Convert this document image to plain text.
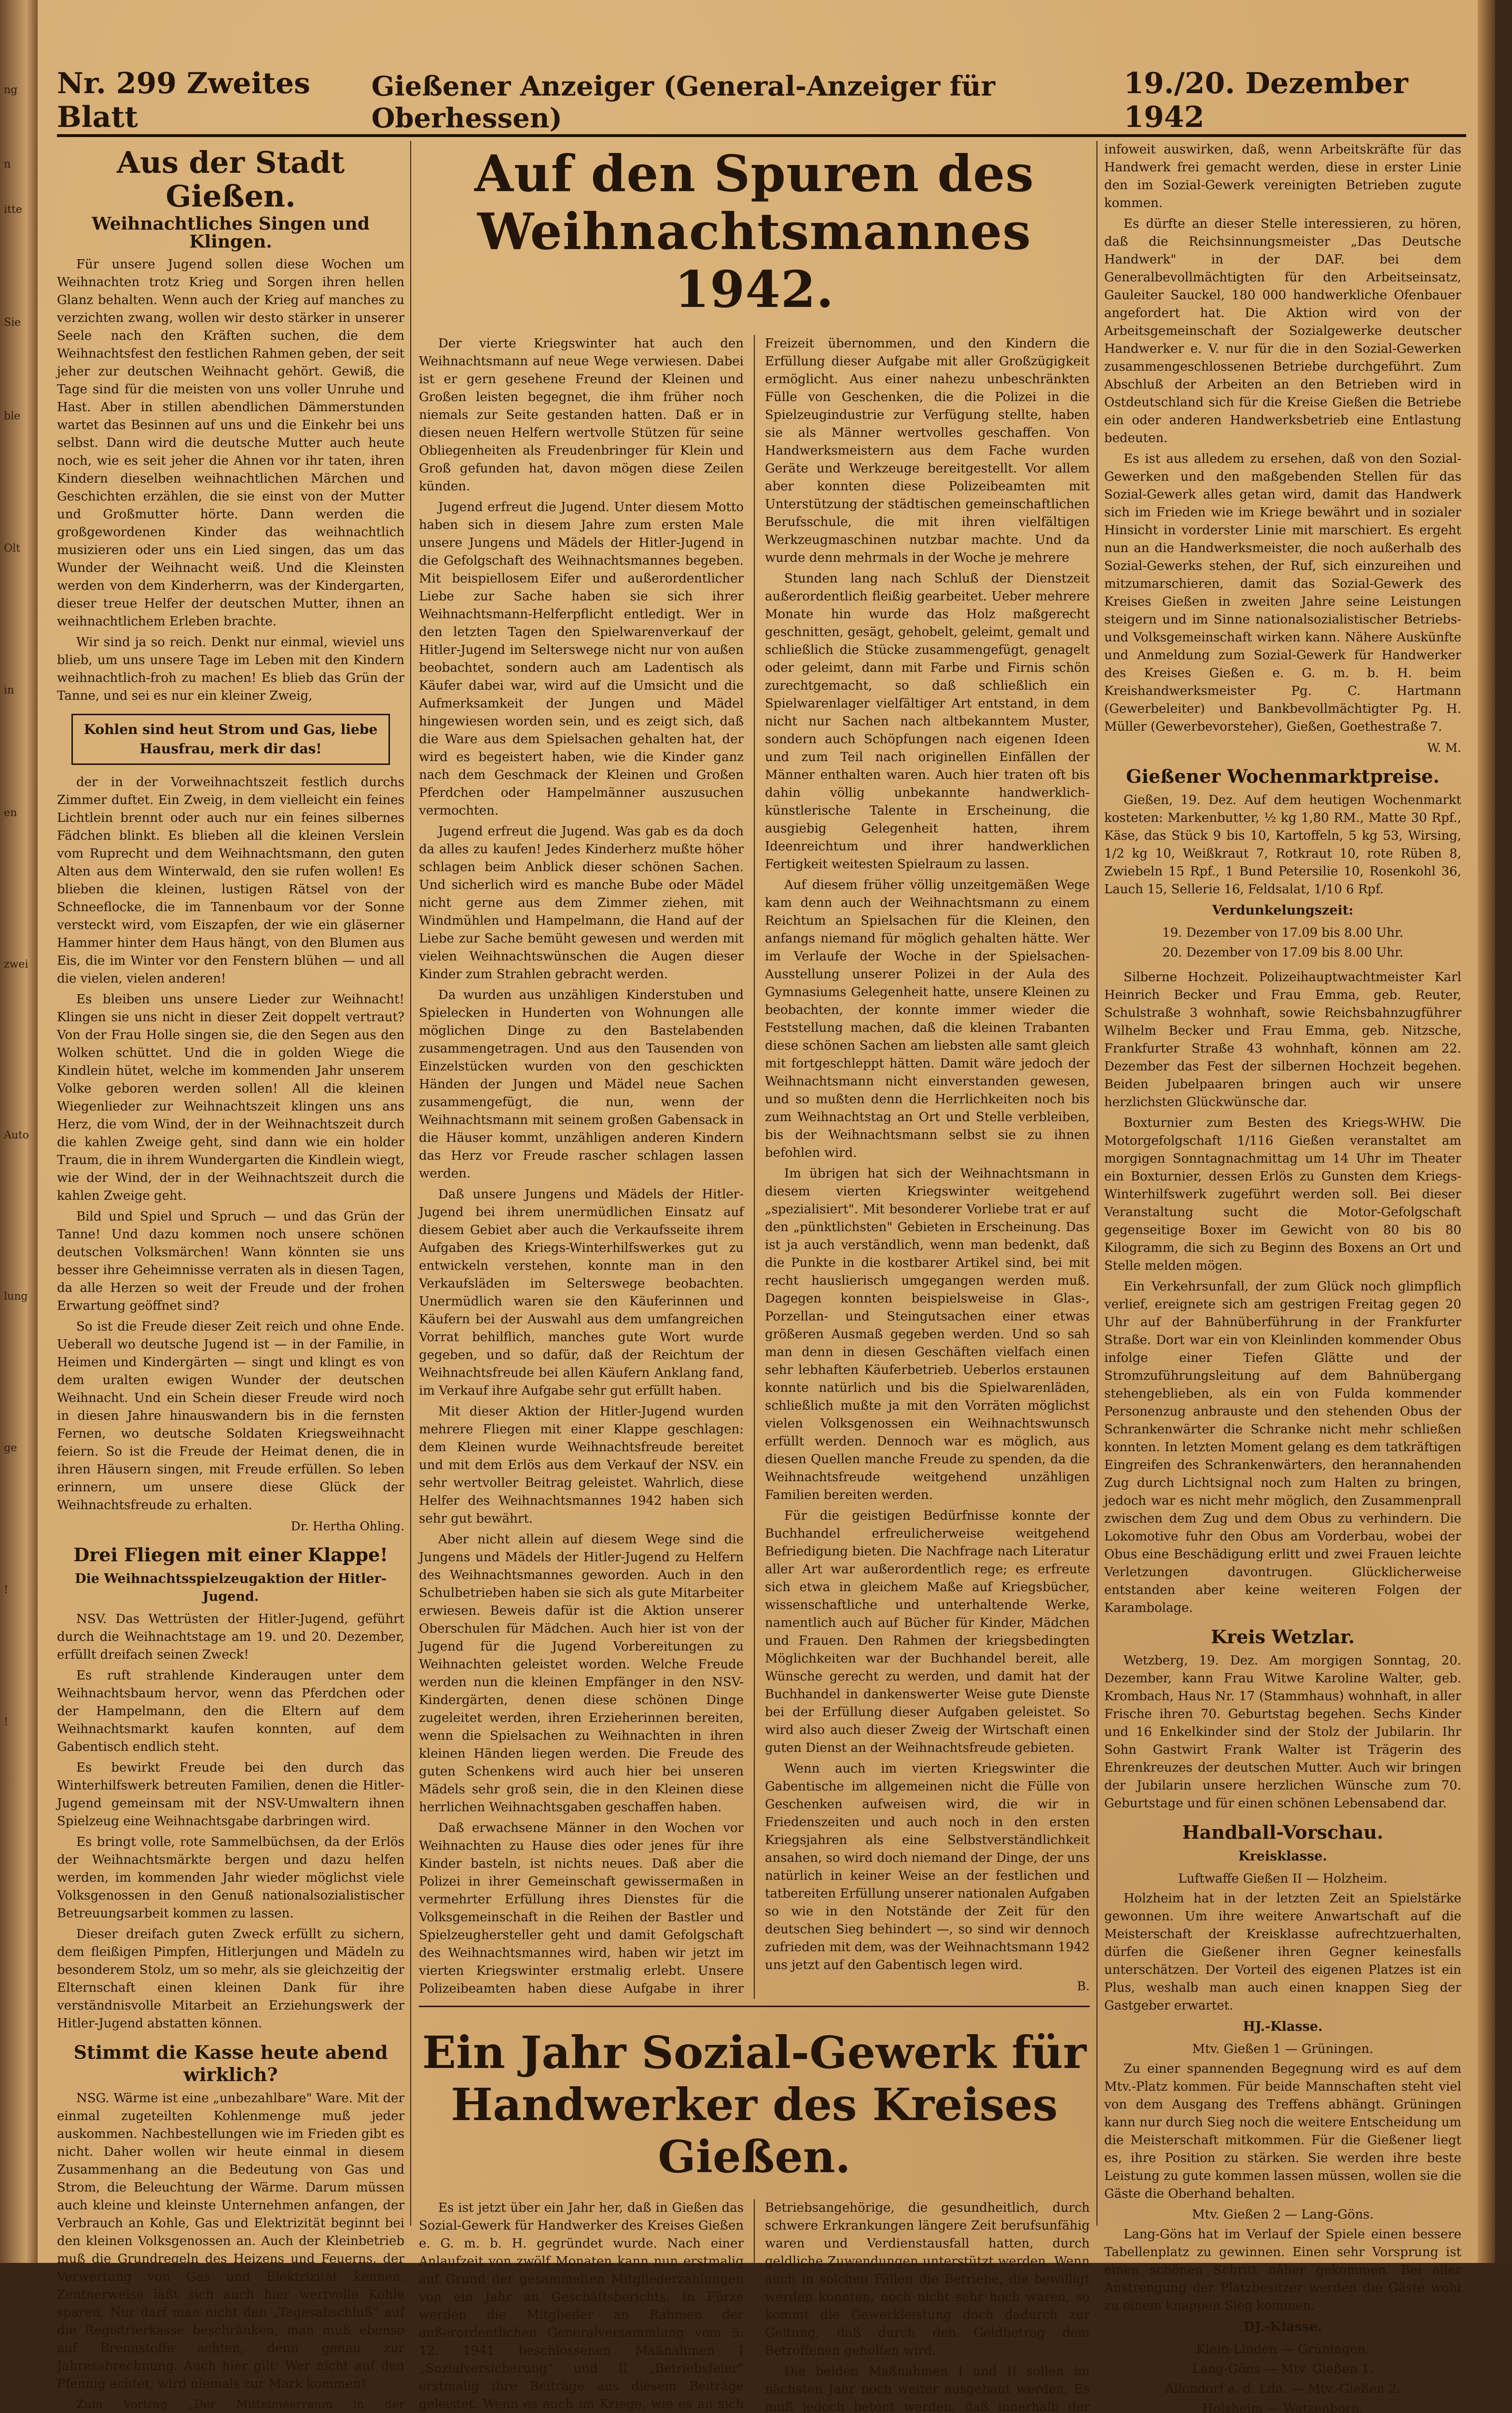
ng
n
itte
Sie
ble
Olt
in
en
zwei
Auto
lung
ge
!
!
Nr. 299 Zweites Blatt
Gießener Anzeiger (General-Anzeiger für Oberhessen)
19./20. Dezember 1942
Aus der Stadt Gießen.
Weihnachtliches Singen und Klingen.

Für unsere Jugend sollen diese Wochen um Weihnachten trotz Krieg und Sorgen ihren hellen Glanz behalten. Wenn auch der Krieg auf manches zu verzichten zwang, wollen wir desto stärker in unserer Seele nach den Kräften suchen, die dem Weihnachtsfest den festlichen Rahmen geben, der seit jeher zur deutschen Weihnacht gehört. Gewiß, die Tage sind für die meisten von uns voller Unruhe und Hast. Aber in stillen abendlichen Dämmerstunden wartet das Besinnen auf uns und die Einkehr bei uns selbst. Dann wird die deutsche Mutter auch heute noch, wie es seit jeher die Ahnen vor ihr taten, ihren Kindern dieselben weihnachtlichen Märchen und Geschichten erzählen, die sie einst von der Mutter und Großmutter hörte. Dann werden die großgewordenen Kinder das weihnachtlich musizieren oder uns ein Lied singen, das um das Wunder der Weihnacht weiß. Und die Kleinsten werden von dem Kinderherrn, was der Kindergarten, dieser treue Helfer der deutschen Mutter, ihnen an weihnachtlichem Erleben brachte.

Wir sind ja so reich. Denkt nur einmal, wieviel uns blieb, um uns unsere Tage im Leben mit den Kindern weihnachtlich-froh zu machen! Es blieb das Grün der Tanne, und sei es nur ein kleiner Zweig,

Kohlen sind heut Strom und Gas, liebe Hausfrau, merk dir das!

der in der Vorweihnachtszeit festlich durchs Zimmer duftet. Ein Zweig, in dem vielleicht ein feines Lichtlein brennt oder auch nur ein feines silbernes Fädchen blinkt. Es blieben all die kleinen Verslein vom Ruprecht und dem Weihnachtsmann, den guten Alten aus dem Winterwald, den sie rufen wollen! Es blieben die kleinen, lustigen Rätsel von der Schneeflocke, die im Tannenbaum vor der Sonne versteckt wird, vom Eiszapfen, der wie ein gläserner Hammer hinter dem Haus hängt, von den Blumen aus Eis, die im Winter vor den Fenstern blühen — und all die vielen, vielen anderen!

Es bleiben uns unsere Lieder zur Weihnacht! Klingen sie uns nicht in dieser Zeit doppelt vertraut? Von der Frau Holle singen sie, die den Segen aus den Wolken schüttet. Und die in golden Wiege die Kindlein hütet, welche im kommenden Jahr unserem Volke geboren werden sollen! All die kleinen Wiegenlieder zur Weihnachtszeit klingen uns ans Herz, die vom Wind, der in der Weihnachtszeit durch die kahlen Zweige geht, sind dann wie ein holder Traum, die in ihrem Wundergarten die Kindlein wiegt, wie der Wind, der in der Weihnachtszeit durch die kahlen Zweige geht.

Bild und Spiel und Spruch — und das Grün der Tanne! Und dazu kommen noch unsere schönen deutschen Volksmärchen! Wann könnten sie uns besser ihre Geheimnisse verraten als in diesen Tagen, da alle Herzen so weit der Freude und der frohen Erwartung geöffnet sind?

So ist die Freude dieser Zeit reich und ohne Ende. Ueberall wo deutsche Jugend ist — in der Familie, in Heimen und Kindergärten — singt und klingt es von dem uralten ewigen Wunder der deutschen Weihnacht. Und ein Schein dieser Freude wird noch in diesen Jahre hinauswandern bis in die fernsten Fernen, wo deutsche Soldaten Kriegsweihnacht feiern. So ist die Freude der Heimat denen, die in ihren Häusern singen, mit Freude erfüllen. So leben erinnern, um unsere diese Glück der Weihnachtsfreude zu erhalten.

Dr. Hertha Ohling.
Drei Fliegen mit einer Klappe!
Die Weihnachtsspielzeugaktion der Hitler-Jugend.

NSV. Das Wettrüsten der Hitler-Jugend, geführt durch die Weihnachtstage am 19. und 20. Dezember, erfüllt dreifach seinen Zweck!

Es ruft strahlende Kinderaugen unter dem Weihnachtsbaum hervor, wenn das Pferdchen oder der Hampelmann, den die Eltern auf dem Weihnachtsmarkt kaufen konnten, auf dem Gabentisch endlich steht.

Es bewirkt Freude bei den durch das Winterhilfswerk betreuten Familien, denen die Hitler-Jugend gemeinsam mit der NSV-Umwaltern ihnen Spielzeug eine Weihnachtsgabe darbringen wird.

Es bringt volle, rote Sammelbüchsen, da der Erlös der Weihnachtsmärkte bergen und dazu helfen werden, im kommenden Jahr wieder möglichst viele Volksgenossen in den Genuß nationalsozialistischer Betreuungsarbeit kommen zu lassen.

Dieser dreifach guten Zweck erfüllt zu sichern, dem fleißigen Pimpfen, Hitlerjungen und Mädeln zu besonderem Stolz, um so mehr, als sie gleichzeitig der Elternschaft einen kleinen Dank für ihre verständnisvolle Mitarbeit an Erziehungswerk der Hitler-Jugend abstatten können.

Stimmt die Kasse heute abend wirklich?

NSG. Wärme ist eine „unbezahlbare" Ware. Mit der einmal zugeteilten Kohlenmenge muß jeder auskommen. Nachbestellungen wie im Frieden gibt es nicht. Daher wollen wir heute einmal in diesem Zusammenhang an die Bedeutung von Gas und Strom, die Beleuchtung der Wärme. Darum müssen auch kleine und kleinste Unternehmen anfangen, der Verbrauch an Kohle, Gas und Elektrizität beginnt bei den kleinen Volksgenossen an. Auch der Kleinbetrieb muß die Grundregeln des Heizens und Feuerns, der Verwertung von Gas und Elektrizität kennen. Zentnerweise läßt sich auch hier wertvolle Kohle sparen. Nur darf man nicht den „Tagesabschluß" auf die Registrierkasse beschränken, man muß ebenso auf Brennstoffe achten, denn genau zur Jahresabrechnung. Auch hier gilt: Wer nicht auf den Pfennig achtet, wird niemals zur Mark kommen!

Zum Vortrag „Der Mittelmeerraum in der

Auf den Spuren des Weihnachtsmannes 1942.

Der vierte Kriegswinter hat auch den Weihnachtsmann auf neue Wege verwiesen. Dabei ist er gern gesehene Freund der Kleinen und Großen leisten begegnet, die ihm früher noch niemals zur Seite gestanden hatten. Daß er in diesen neuen Helfern wertvolle Stützen für seine Obliegenheiten als Freudenbringer für Klein und Groß gefunden hat, davon mögen diese Zeilen künden.

Jugend erfreut die Jugend. Unter diesem Motto haben sich in diesem Jahre zum ersten Male unsere Jungens und Mädels der Hitler-Jugend in die Gefolgschaft des Weihnachtsmannes begeben. Mit beispiellosem Eifer und außerordentlicher Liebe zur Sache haben sie sich ihrer Weihnachtsmann-Helferpflicht entledigt. Wer in den letzten Tagen den Spielwarenverkauf der Hitler-Jugend im Selterswege nicht nur von außen beobachtet, sondern auch am Ladentisch als Käufer dabei war, wird auf die Umsicht und die Aufmerksamkeit der Jungen und Mädel hingewiesen worden sein, und es zeigt sich, daß die Ware aus dem Spielsachen gehalten hat, der wird es begeistert haben, wie die Kinder ganz nach dem Geschmack der Kleinen und Großen Pferdchen oder Hampelmänner auszusuchen vermochten.

Jugend erfreut die Jugend. Was gab es da doch da alles zu kaufen! Jedes Kinderherz mußte höher schlagen beim Anblick dieser schönen Sachen. Und sicherlich wird es manche Bube oder Mädel nicht gerne aus dem Zimmer ziehen, mit Windmühlen und Hampelmann, die Hand auf der Liebe zur Sache bemüht gewesen und werden mit vielen Weihnachtswünschen die Augen dieser Kinder zum Strahlen gebracht werden.

Da wurden aus unzähligen Kinderstuben und Spielecken in Hunderten von Wohnungen alle möglichen Dinge zu den Bastelabenden zusammengetragen. Und aus den Tausenden von Einzelstücken wurden von den geschickten Händen der Jungen und Mädel neue Sachen zusammengefügt, die nun, wenn der Weihnachtsmann mit seinem großen Gabensack in die Häuser kommt, unzähligen anderen Kindern das Herz vor Freude rascher schlagen lassen werden.

Daß unsere Jungens und Mädels der Hitler-Jugend bei ihrem unermüdlichen Einsatz auf diesem Gebiet aber auch die Verkaufsseite ihrem Aufgaben des Kriegs-Winterhilfswerkes gut zu entwickeln verstehen, konnte man in den Verkaufsläden im Selterswege beobachten. Unermüdlich waren sie den Käuferinnen und Käufern bei der Auswahl aus dem umfangreichen Vorrat behilflich, manches gute Wort wurde gegeben, und so dafür, daß der Reichtum der Weihnachtsfreude bei allen Käufern Anklang fand, im Verkauf ihre Aufgabe sehr gut erfüllt haben.

Mit dieser Aktion der Hitler-Jugend wurden mehrere Fliegen mit einer Klappe geschlagen: dem Kleinen wurde Weihnachtsfreude bereitet und mit dem Erlös aus dem Verkauf der NSV. ein sehr wertvoller Beitrag geleistet. Wahrlich, diese Helfer des Weihnachtsmannes 1942 haben sich sehr gut bewährt.

Aber nicht allein auf diesem Wege sind die Jungens und Mädels der Hitler-Jugend zu Helfern des Weihnachtsmannes geworden. Auch in den Schulbetrieben haben sie sich als gute Mitarbeiter erwiesen. Beweis dafür ist die Aktion unserer Oberschulen für Mädchen. Auch hier ist von der Jugend für die Jugend Vorbereitungen zu Weihnachten geleistet worden. Welche Freude werden nun die kleinen Empfänger in den NSV-Kindergärten, denen diese schönen Dinge zugeleitet werden, ihren Erzieherinnen bereiten, wenn die Spielsachen zu Weihnachten in ihren kleinen Händen liegen werden. Die Freude des guten Schenkens wird auch hier bei unseren Mädels sehr groß sein, die in den Kleinen diese herrlichen Weihnachtsgaben geschaffen haben.

Daß erwachsene Männer in den Wochen vor Weihnachten zu Hause dies oder jenes für ihre Kinder basteln, ist nichts neues. Daß aber die Polizei in ihrer Gemeinschaft gewissermaßen in vermehrter Erfüllung ihres Dienstes für die Volksgemeinschaft in die Reihen der Bastler und Spielzeughersteller geht und damit Gefolgschaft des Weihnachtsmannes wird, haben wir jetzt im vierten Kriegswinter erstmalig erlebt. Unsere Polizeibeamten haben diese Aufgabe in ihrer Freizeit übernommen, und den Kindern die Erfüllung dieser Aufgabe mit aller Großzügigkeit ermöglicht. Aus einer nahezu unbeschränkten Fülle von Geschenken, die die Polizei in die Spielzeugindustrie zur Verfügung stellte, haben sie als Männer wertvolles geschaffen. Von Handwerksmeistern aus dem Fache wurden Geräte und Werkzeuge bereitgestellt. Vor allem aber konnten diese Polizeibeamten mit Unterstützung der städtischen gemeinschaftlichen Berufsschule, die mit ihren vielfältigen Werkzeugmaschinen nutzbar machte. Und da wurde denn mehrmals in der Woche je mehrere

Stunden lang nach Schluß der Dienstzeit außerordentlich fleißig gearbeitet. Ueber mehrere Monate hin wurde das Holz maßgerecht geschnitten, gesägt, gehobelt, geleimt, gemalt und schließlich die Stücke zusammengefügt, genagelt oder geleimt, dann mit Farbe und Firnis schön zurechtgemacht, so daß schließlich ein Spielwarenlager vielfältiger Art entstand, in dem nicht nur Sachen nach altbekanntem Muster, sondern auch Schöpfungen nach eigenen Ideen und zum Teil nach originellen Einfällen der Männer enthalten waren. Auch hier traten oft bis dahin völlig unbekannte handwerklich-künstlerische Talente in Erscheinung, die ausgiebig Gelegenheit hatten, ihrem Ideenreichtum und ihrer handwerklichen Fertigkeit weitesten Spielraum zu lassen.

Auf diesem früher völlig unzeitgemäßen Wege kam denn auch der Weihnachtsmann zu einem Reichtum an Spielsachen für die Kleinen, den anfangs niemand für möglich gehalten hätte. Wer im Verlaufe der Woche in der Spielsachen-Ausstellung unserer Polizei in der Aula des Gymnasiums Gelegenheit hatte, unsere Kleinen zu beobachten, der konnte immer wieder die Feststellung machen, daß die kleinen Trabanten diese schönen Sachen am liebsten alle samt gleich mit fortgeschleppt hätten. Damit wäre jedoch der Weihnachtsmann nicht einverstanden gewesen, und so mußten denn die Herrlichkeiten noch bis zum Weihnachtstag an Ort und Stelle verbleiben, bis der Weihnachtsmann selbst sie zu ihnen befohlen wird.

Im übrigen hat sich der Weihnachtsmann in diesem vierten Kriegswinter weitgehend „spezialisiert". Mit besonderer Vorliebe trat er auf den „pünktlichsten" Gebieten in Erscheinung. Das ist ja auch verständlich, wenn man bedenkt, daß die Punkte in die kostbarer Artikel sind, bei mit recht hauslierisch umgegangen werden muß. Dagegen konnten beispielsweise in Glas-, Porzellan- und Steingutsachen einer etwas größeren Ausmaß gegeben werden. Und so sah man denn in diesen Geschäften vielfach einen sehr lebhaften Käuferbetrieb. Ueberlos erstaunen konnte natürlich und bis die Spielwarenläden, schließlich mußte ja mit den Vorräten möglichst vielen Volksgenossen ein Weihnachtswunsch erfüllt werden. Dennoch war es möglich, aus diesen Quellen manche Freude zu spenden, da die Weihnachtsfreude weitgehend unzähligen Familien bereiten werden.

Für die geistigen Bedürfnisse konnte der Buchhandel erfreulicherweise weitgehend Befriedigung bieten. Die Nachfrage nach Literatur aller Art war außerordentlich rege; es erfreute sich etwa in gleichem Maße auf Kriegsbücher, wissenschaftliche und unterhaltende Werke, namentlich auch auf Bücher für Kinder, Mädchen und Frauen. Den Rahmen der kriegsbedingten Möglichkeiten war der Buchhandel bereit, alle Wünsche gerecht zu werden, und damit hat der Buchhandel in dankenswerter Weise gute Dienste bei der Erfüllung dieser Aufgaben geleistet. So wird also auch dieser Zweig der Wirtschaft einen guten Dienst an der Weihnachtsfreude gebieten.

Wenn auch im vierten Kriegswinter die Gabentische im allgemeinen nicht die Fülle von Geschenken aufweisen wird, die wir in Friedenszeiten und auch noch in den ersten Kriegsjahren als eine Selbstverständlichkeit ansahen, so wird doch niemand der Dinge, der uns natürlich in keiner Weise an der festlichen und tatbereiten Erfüllung unserer nationalen Aufgaben so wie in den Notstände der Zeit für den deutschen Sieg behindert —, so sind wir dennoch zufrieden mit dem, was der Weihnachtsmann 1942 uns jetzt auf den Gabentisch legen wird.

B.
Ein Jahr Sozial-Gewerk für Handwerker des Kreises Gießen.

Es ist jetzt über ein Jahr her, daß in Gießen das Sozial-Gewerk für Handwerker des Kreises Gießen e. G. m. b. H. gegründet wurde. Nach einer Anlaufzeit von zwölf Monaten kann nun erstmalig auf Grund der gesammelten Mitgliederzahlungen von ein Jahr an Geschäftsberichts. In Fürze werden die Mitglieder an Rahmen der außerordentlichen Generalversammlung vom 5. 12. 1941 beschlossenen Maßnahmen I „Sozialversicherung" und II „Betriebsfeier" erstmalig ihre Beiträge aus diesem Beiträge geleistet. Wenn es auch im Kriege, wie es an sich

Betriebsangehörige, die gesundheitlich, durch schwere Erkrankungen längere Zeit berufsunfähig waren und Verdienstausfall hatten, durch geldliche Zuwendungen unterstützt werden. Wenn auch in solchen Fällen die Betriebe, die bewilligt werden konnten, noch nicht sehr hoch waren, so kommt die Gewerkleistung doch dadurch zur Geltung, daß durch den Geldbetrag dem Betroffenen geholfen wird.

Die beiden Maßnahmen I und II sollen im nächsten Jahr noch weiter ausgebaut werden. Es muß jedoch betont werden, daß innerhalb der

infoweit auswirken, daß, wenn Arbeitskräfte für das Handwerk frei gemacht werden, diese in erster Linie den im Sozial-Gewerk vereinigten Betrieben zugute kommen.

Es dürfte an dieser Stelle interessieren, zu hören, daß die Reichsinnungsmeister „Das Deutsche Handwerk" in der DAF. bei dem Generalbevollmächtigten für den Arbeitseinsatz, Gauleiter Sauckel, 180 000 handwerkliche Ofenbauer angefordert hat. Die Aktion wird von der Arbeitsgemeinschaft der Sozialgewerke deutscher Handwerker e. V. nur für die in den Sozial-Gewerken zusammengeschlossenen Betriebe durchgeführt. Zum Abschluß der Arbeiten an den Betrieben wird in Ostdeutschland sich für die Kreise Gießen die Betriebe ein oder anderen Handwerksbetrieb eine Entlastung bedeuten.

Es ist aus alledem zu ersehen, daß von den Sozial-Gewerken und den maßgebenden Stellen für das Sozial-Gewerk alles getan wird, damit das Handwerk sich im Frieden wie im Kriege bewährt und in sozialer Hinsicht in vorderster Linie mit marschiert. Es ergeht nun an die Handwerksmeister, die noch außerhalb des Sozial-Gewerks stehen, der Ruf, sich einzureihen und mitzumarschieren, damit das Sozial-Gewerk des Kreises Gießen in zweiten Jahre seine Leistungen steigern und im Sinne nationalsozialistischer Betriebs- und Volksgemeinschaft wirken kann. Nähere Auskünfte und Anmeldung zum Sozial-Gewerk für Handwerker des Kreises Gießen e. G. m. b. H. beim Kreishandwerksmeister Pg. C. Hartmann (Gewerbeleiter) und Bankbevollmächtigter Pg. H. Müller (Gewerbevorsteher), Gießen, Goethestraße 7.

W. M.
Gießener Wochenmarktpreise.

Gießen, 19. Dez. Auf dem heutigen Wochenmarkt kosteten: Markenbutter, ½ kg 1,80 RM., Matte 30 Rpf., Käse, das Stück 9 bis 10, Kartoffeln, 5 kg 53, Wirsing, 1/2 kg 10, Weißkraut 7, Rotkraut 10, rote Rüben 8, Zwiebeln 15 Rpf., 1 Bund Petersilie 10, Rosenkohl 36, Lauch 15, Sellerie 16, Feldsalat, 1/10 6 Rpf.

Verdunkelungszeit:
19. Dezember von 17.09 bis 8.00 Uhr.
20. Dezember von 17.09 bis 8.00 Uhr.

Silberne Hochzeit. Polizeihauptwachtmeister Karl Heinrich Becker und Frau Emma, geb. Reuter, Schulstraße 3 wohnhaft, sowie Reichsbahnzugführer Wilhelm Becker und Frau Emma, geb. Nitzsche, Frankfurter Straße 43 wohnhaft, können am 22. Dezember das Fest der silbernen Hochzeit begehen. Beiden Jubelpaaren bringen auch wir unsere herzlichsten Glückwünsche dar.

Boxturnier zum Besten des Kriegs-WHW. Die Motorgefolgschaft 1/116 Gießen veranstaltet am morgigen Sonntagnachmittag um 14 Uhr im Theater ein Boxturnier, dessen Erlös zu Gunsten dem Kriegs-Winterhilfswerk zugeführt werden soll. Bei dieser Veranstaltung sucht die Motor-Gefolgschaft gegenseitige Boxer im Gewicht von 80 bis 80 Kilogramm, die sich zu Beginn des Boxens an Ort und Stelle melden mögen.

Ein Verkehrsunfall, der zum Glück noch glimpflich verlief, ereignete sich am gestrigen Freitag gegen 20 Uhr auf der Bahnüberführung in der Frankfurter Straße. Dort war ein von Kleinlinden kommender Obus infolge einer Tiefen Glätte und der Stromzuführungsleitung auf dem Bahnübergang stehengeblieben, als ein von Fulda kommender Personenzug anbrauste und den stehenden Obus der Schrankenwärter die Schranke nicht mehr schließen konnten. In letzten Moment gelang es dem tatkräftigen Eingreifen des Schrankenwärters, den herannahenden Zug durch Lichtsignal noch zum Halten zu bringen, jedoch war es nicht mehr möglich, den Zusammenprall zwischen dem Zug und dem Obus zu verhindern. Die Lokomotive fuhr den Obus am Vorderbau, wobei der Obus eine Beschädigung erlitt und zwei Frauen leichte Verletzungen davontrugen. Glücklicherweise entstanden aber keine weiteren Folgen der Karambolage.

Kreis Wetzlar.

Wetzberg, 19. Dez. Am morgigen Sonntag, 20. Dezember, kann Frau Witwe Karoline Walter, geb. Krombach, Haus Nr. 17 (Stammhaus) wohnhaft, in aller Frische ihren 70. Geburtstag begehen. Sechs Kinder und 16 Enkelkinder sind der Stolz der Jubilarin. Ihr Sohn Gastwirt Frank Walter ist Trägerin des Ehrenkreuzes der deutschen Mutter. Auch wir bringen der Jubilarin unsere herzlichen Wünsche zum 70. Geburtstage und für einen schönen Lebensabend dar.

Handball-Vorschau.
Kreisklasse.
Luftwaffe Gießen II — Holzheim.

Holzheim hat in der letzten Zeit an Spielstärke gewonnen. Um ihre weitere Anwartschaft auf die Meisterschaft der Kreisklasse aufrechtzuerhalten, dürfen die Gießener ihren Gegner keinesfalls unterschätzen. Der Vorteil des eigenen Platzes ist ein Plus, weshalb man auch einen knappen Sieg der Gastgeber erwartet.

HJ.-Klasse.
Mtv. Gießen 1 — Grüningen.

Zu einer spannenden Begegnung wird es auf dem Mtv.-Platz kommen. Für beide Mannschaften steht viel von dem Ausgang des Treffens abhängt. Grüningen kann nur durch Sieg noch die weitere Entscheidung um die Meisterschaft mitkommen. Für die Gießener liegt es, ihre Position zu stärken. Sie werden ihre beste Leistung zu gute kommen lassen müssen, wollen sie die Gäste die Oberhand behalten.

Mtv. Gießen 2 — Lang-Göns.

Lang-Göns hat im Verlauf der Spiele einen bessere Tabellenplatz zu gewinnen. Einen sehr Vorsprung ist einen schönen Schritt näher gekommen. Bei aller Anstrengung der Platzbesitzer werden die Gäste wohl zu einem knappen Sieg kommen.

DJ.-Klasse.
Klein-Linden — Grüningen.
Lang-Göns — Mtv. Gießen 1.
Allendorf a. d. Lda. — Mtv.-Gießen 2.
Holzheim — Watzenborn.
